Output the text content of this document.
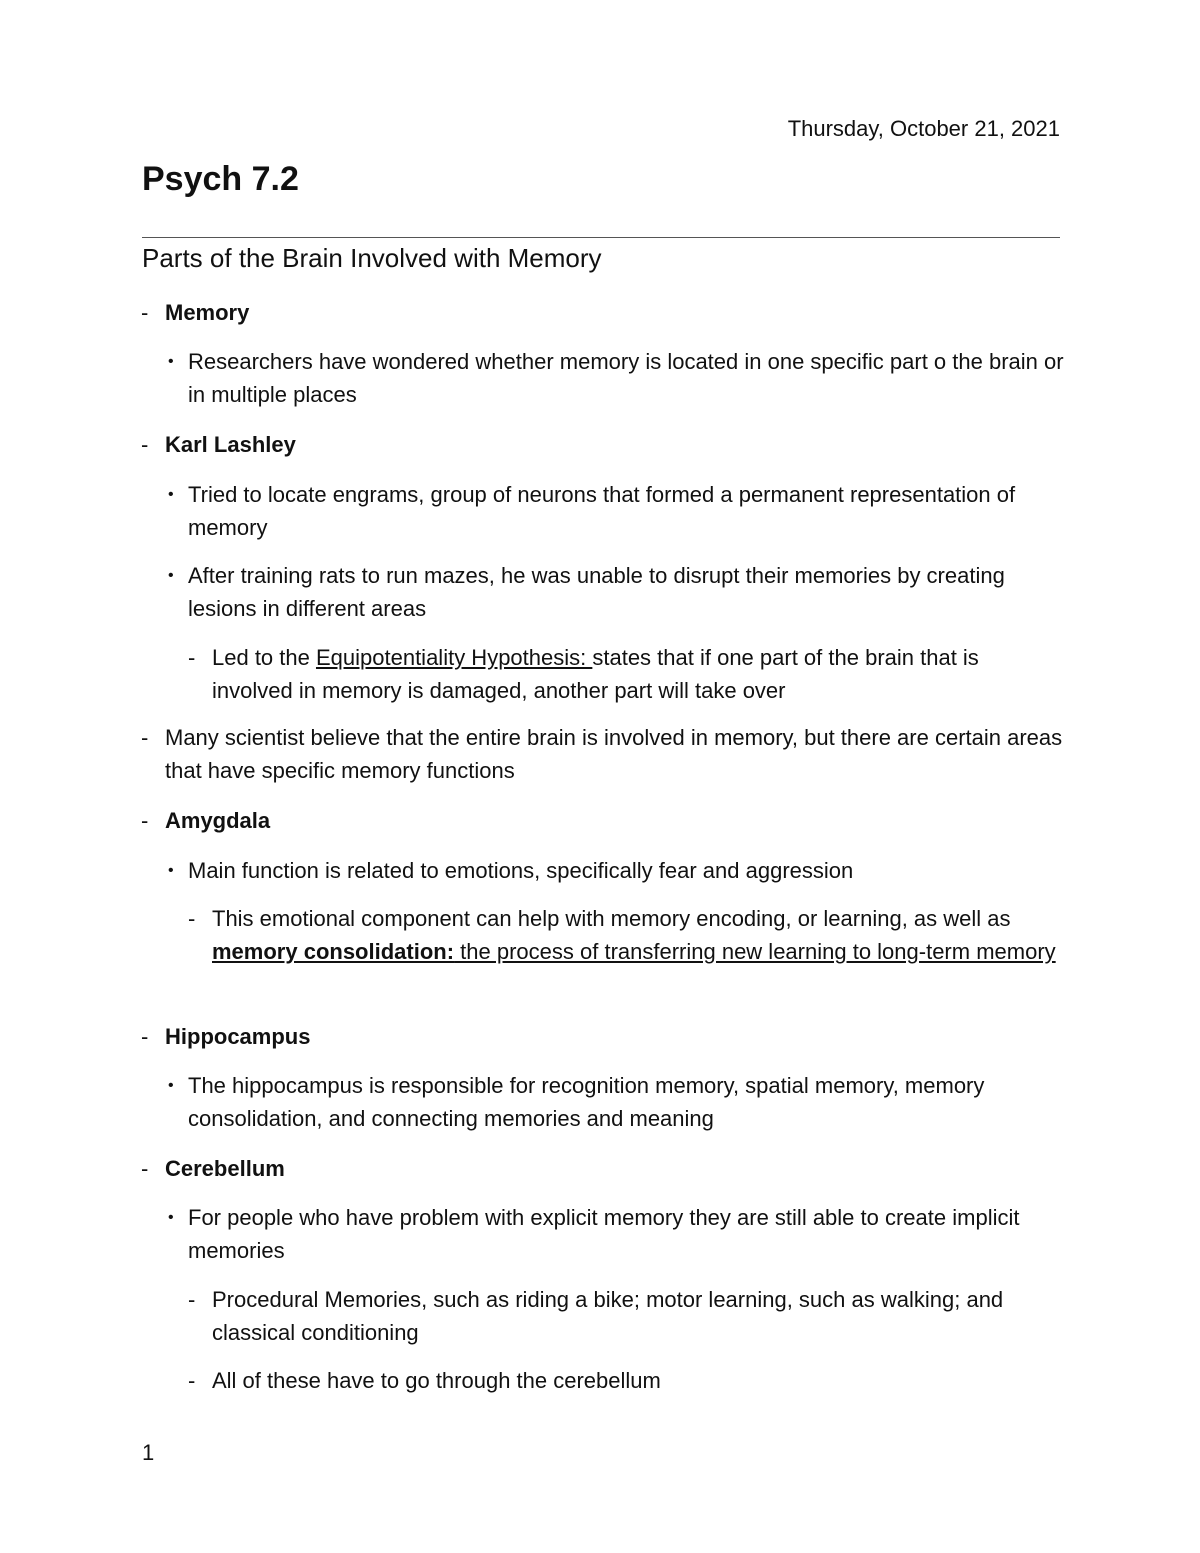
Thursday, October 21, 2021
Psych 7.2
Parts of the Brain Involved with Memory
- Memory
• Researchers have wondered whether memory is located in one specific part o the brain or in multiple places
- Karl Lashley
• Tried to locate engrams, group of neurons that formed a permanent representation of memory
• After training rats to run mazes, he was unable to disrupt their memories by creating lesions in different areas
- Led to the Equipotentiality Hypothesis: states that if one part of the brain that is involved in memory is damaged, another part will take over
- Many scientist believe that the entire brain is involved in memory, but there are certain areas that have specific memory functions
- Amygdala
• Main function is related to emotions, specifically fear and aggression
- This emotional component can help with memory encoding, or learning, as well as memory consolidation: the process of transferring new learning to long-term memory
- Hippocampus
• The hippocampus is responsible for recognition memory, spatial memory, memory consolidation, and connecting memories and meaning
- Cerebellum
• For people who have problem with explicit memory they are still able to create implicit memories
- Procedural Memories, such as riding a bike; motor learning, such as walking; and classical conditioning
- All of these have to go through the cerebellum
1
